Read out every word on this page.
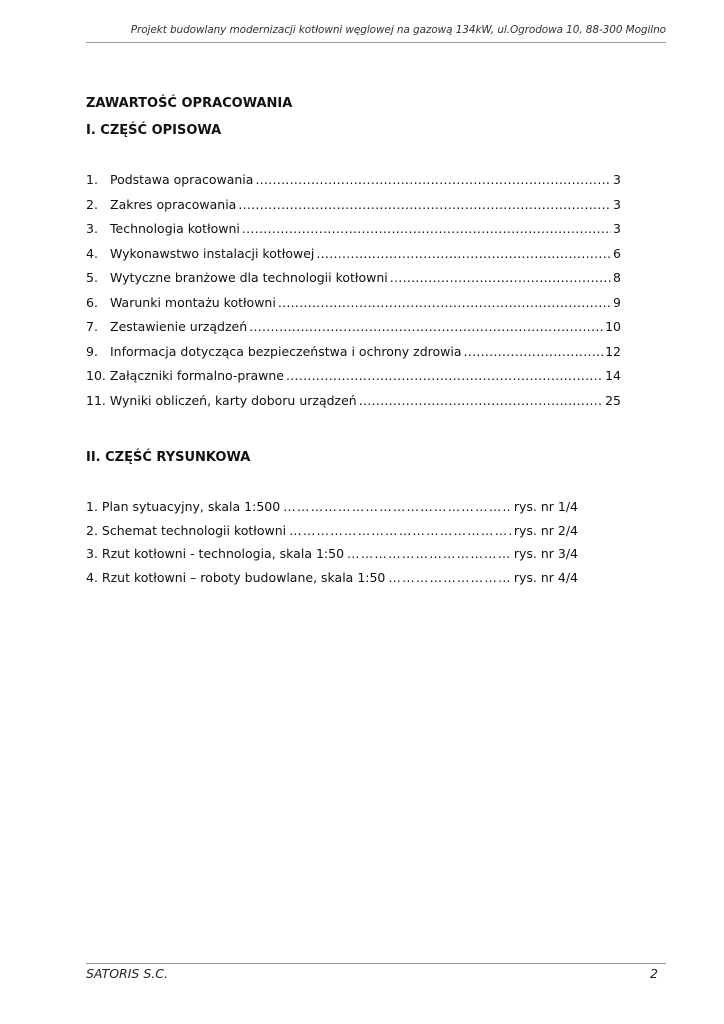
Projekt budowlany modernizacji kotłowni węglowej na gazową 134kW, ul.Ogrodowa 10, 88-300 Mogilno
ZAWARTOŚĆ OPRACOWANIA
I. CZĘŚĆ OPISOWA
1. Podstawa opracowania .....	3
2. Zakres opracowania .....	3
3. Technologia kotłowni .....	3
4. Wykonawstwo instalacji kotłowej .....	6
5. Wytyczne branżowe dla technologii kotłowni .....	8
6. Warunki montażu kotłowni .....	9
7. Zestawienie urządzeń .....	10
9. Informacja dotycząca bezpieczeństwa i ochrony zdrowia .....	12
10. Załączniki formalno-prawne .....	14
11. Wyniki obliczeń, karty doboru urządzeń .....	25
II. CZĘŚĆ RYSUNKOWA
1. Plan sytuacyjny, skala 1:500 ………………………………………………………………………………………………………………………………………………	rys. nr 1/4
2. Schemat technologii kotłowni ………………………………………………………………………………………………………………………………………………	rys. nr 2/4
3. Rzut kotłowni - technologia, skala 1:50 ………………………………………………………………………………………………………………………………………………	rys. nr 3/4
4. Rzut kotłowni – roboty budowlane, skala 1:50 ………………………………………………………………………………………………………………………………………………	rys. nr 4/4
SATORIS S.C.	2
